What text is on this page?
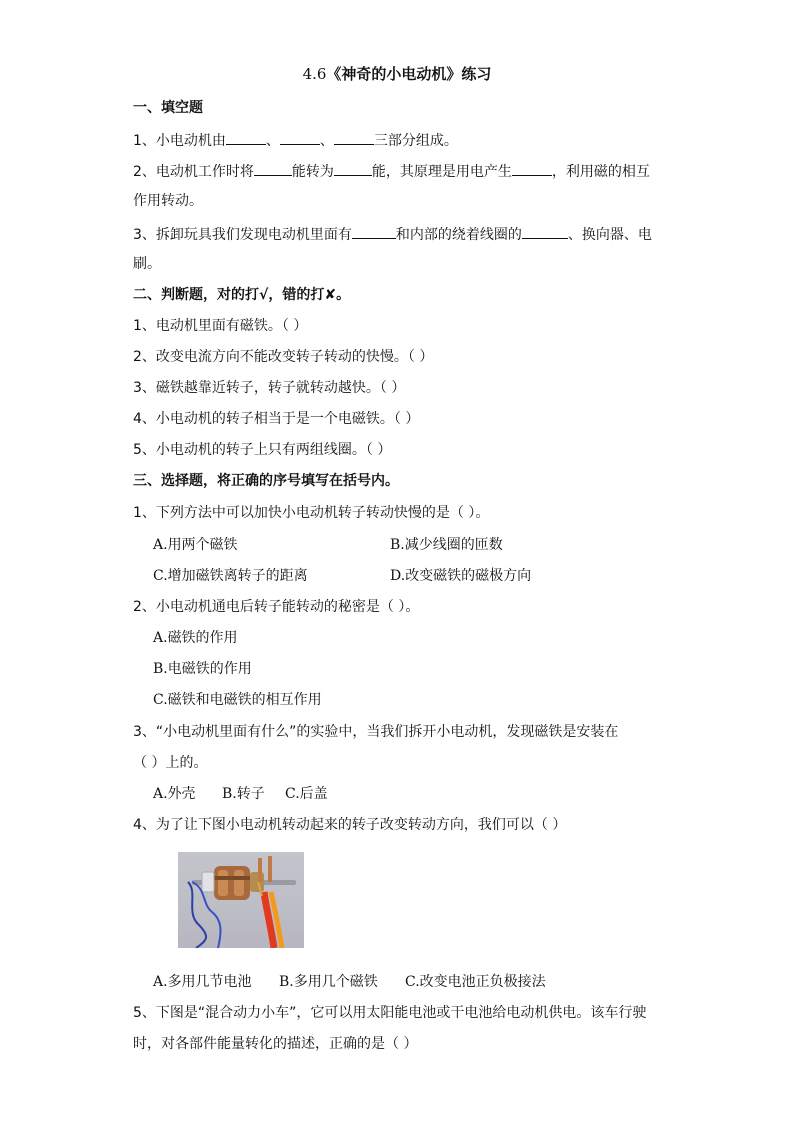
4.6《神奇的小电动机》练习
一、填空题
1、小电动机由	、	、	三部分组成。
2、电动机工作时将	能转为	能，其原理是用电产生	，利用磁的相互
作用转动。
3、拆卸玩具我们发现电动机里面有	和内部的绕着线圈的	、换向器、电
刷。
二、判断题，对的打√，错的打✘。
1、电动机里面有磁铁。（ ）
2、改变电流方向不能改变转子转动的快慢。（ ）
3、磁铁越靠近转子，转子就转动越快。（ ）
4、小电动机的转子相当于是一个电磁铁。（ ）
5、小电动机的转子上只有两组线圈。（ ）
三、选择题，将正确的序号填写在括号内。
1、下列方法中可以加快小电动机转子转动快慢的是（ ）。
A.用两个磁铁	B.减少线圈的匝数
C.增加磁铁离转子的距离	D.改变磁铁的磁极方向
2、小电动机通电后转子能转动的秘密是（ ）。
A.磁铁的作用
B.电磁铁的作用
C.磁铁和电磁铁的相互作用
3、“小电动机里面有什么”的实验中，当我们拆开小电动机，发现磁铁是安装在
（ ）上的。
A.外壳 B.转子 C.后盖
4、为了让下图小电动机转动起来的转子改变转动方向，我们可以（ ）
A.多用几节电池 B.多用几个磁铁 C.改变电池正负极接法
5、下图是“混合动力小车”，它可以用太阳能电池或干电池给电动机供电。该车行驶
时，对各部件能量转化的描述，正确的是（ ）
